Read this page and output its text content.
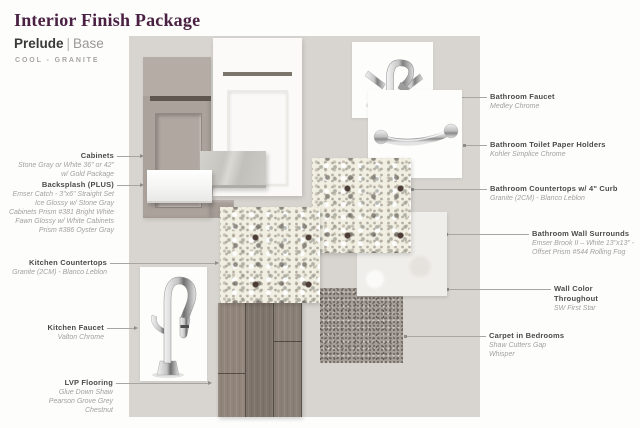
Interior Finish Package
Prelude | Base
COOL - GRANITE
Cabinets
Stone Gray or White 36" or 42"
w/ Gold Package
Backsplash (PLUS)
Emser Catch - 3"x6" Straight Set
Ice Glossy w/ Stone Gray
Cabinets Prism #381 Bright White
Fawn Glossy w/ White Cabinets
Prism #386 Oyster Gray
Kitchen Countertops
Granite (2CM) - Blanco Leblon
Kitchen Faucet
Valton Chrome
LVP Flooring
Glue Down Shaw
Pearson Grove Grey
Chestnut
Bathroom Faucet
Medley Chrome
Bathroom Toilet Paper Holders
Kohler Simplice Chrome
Bathroom Countertops w/ 4" Curb
Granite (2CM) - Blanco Leblon
Bathroom Wall Surrounds
Emser Brook II – White 13"x13" -
Offset Prism #544 Rolling Fog
Wall Color Throughout
SW First Star
Carpet in Bedrooms
Shaw Cutters Gap
Whisper
